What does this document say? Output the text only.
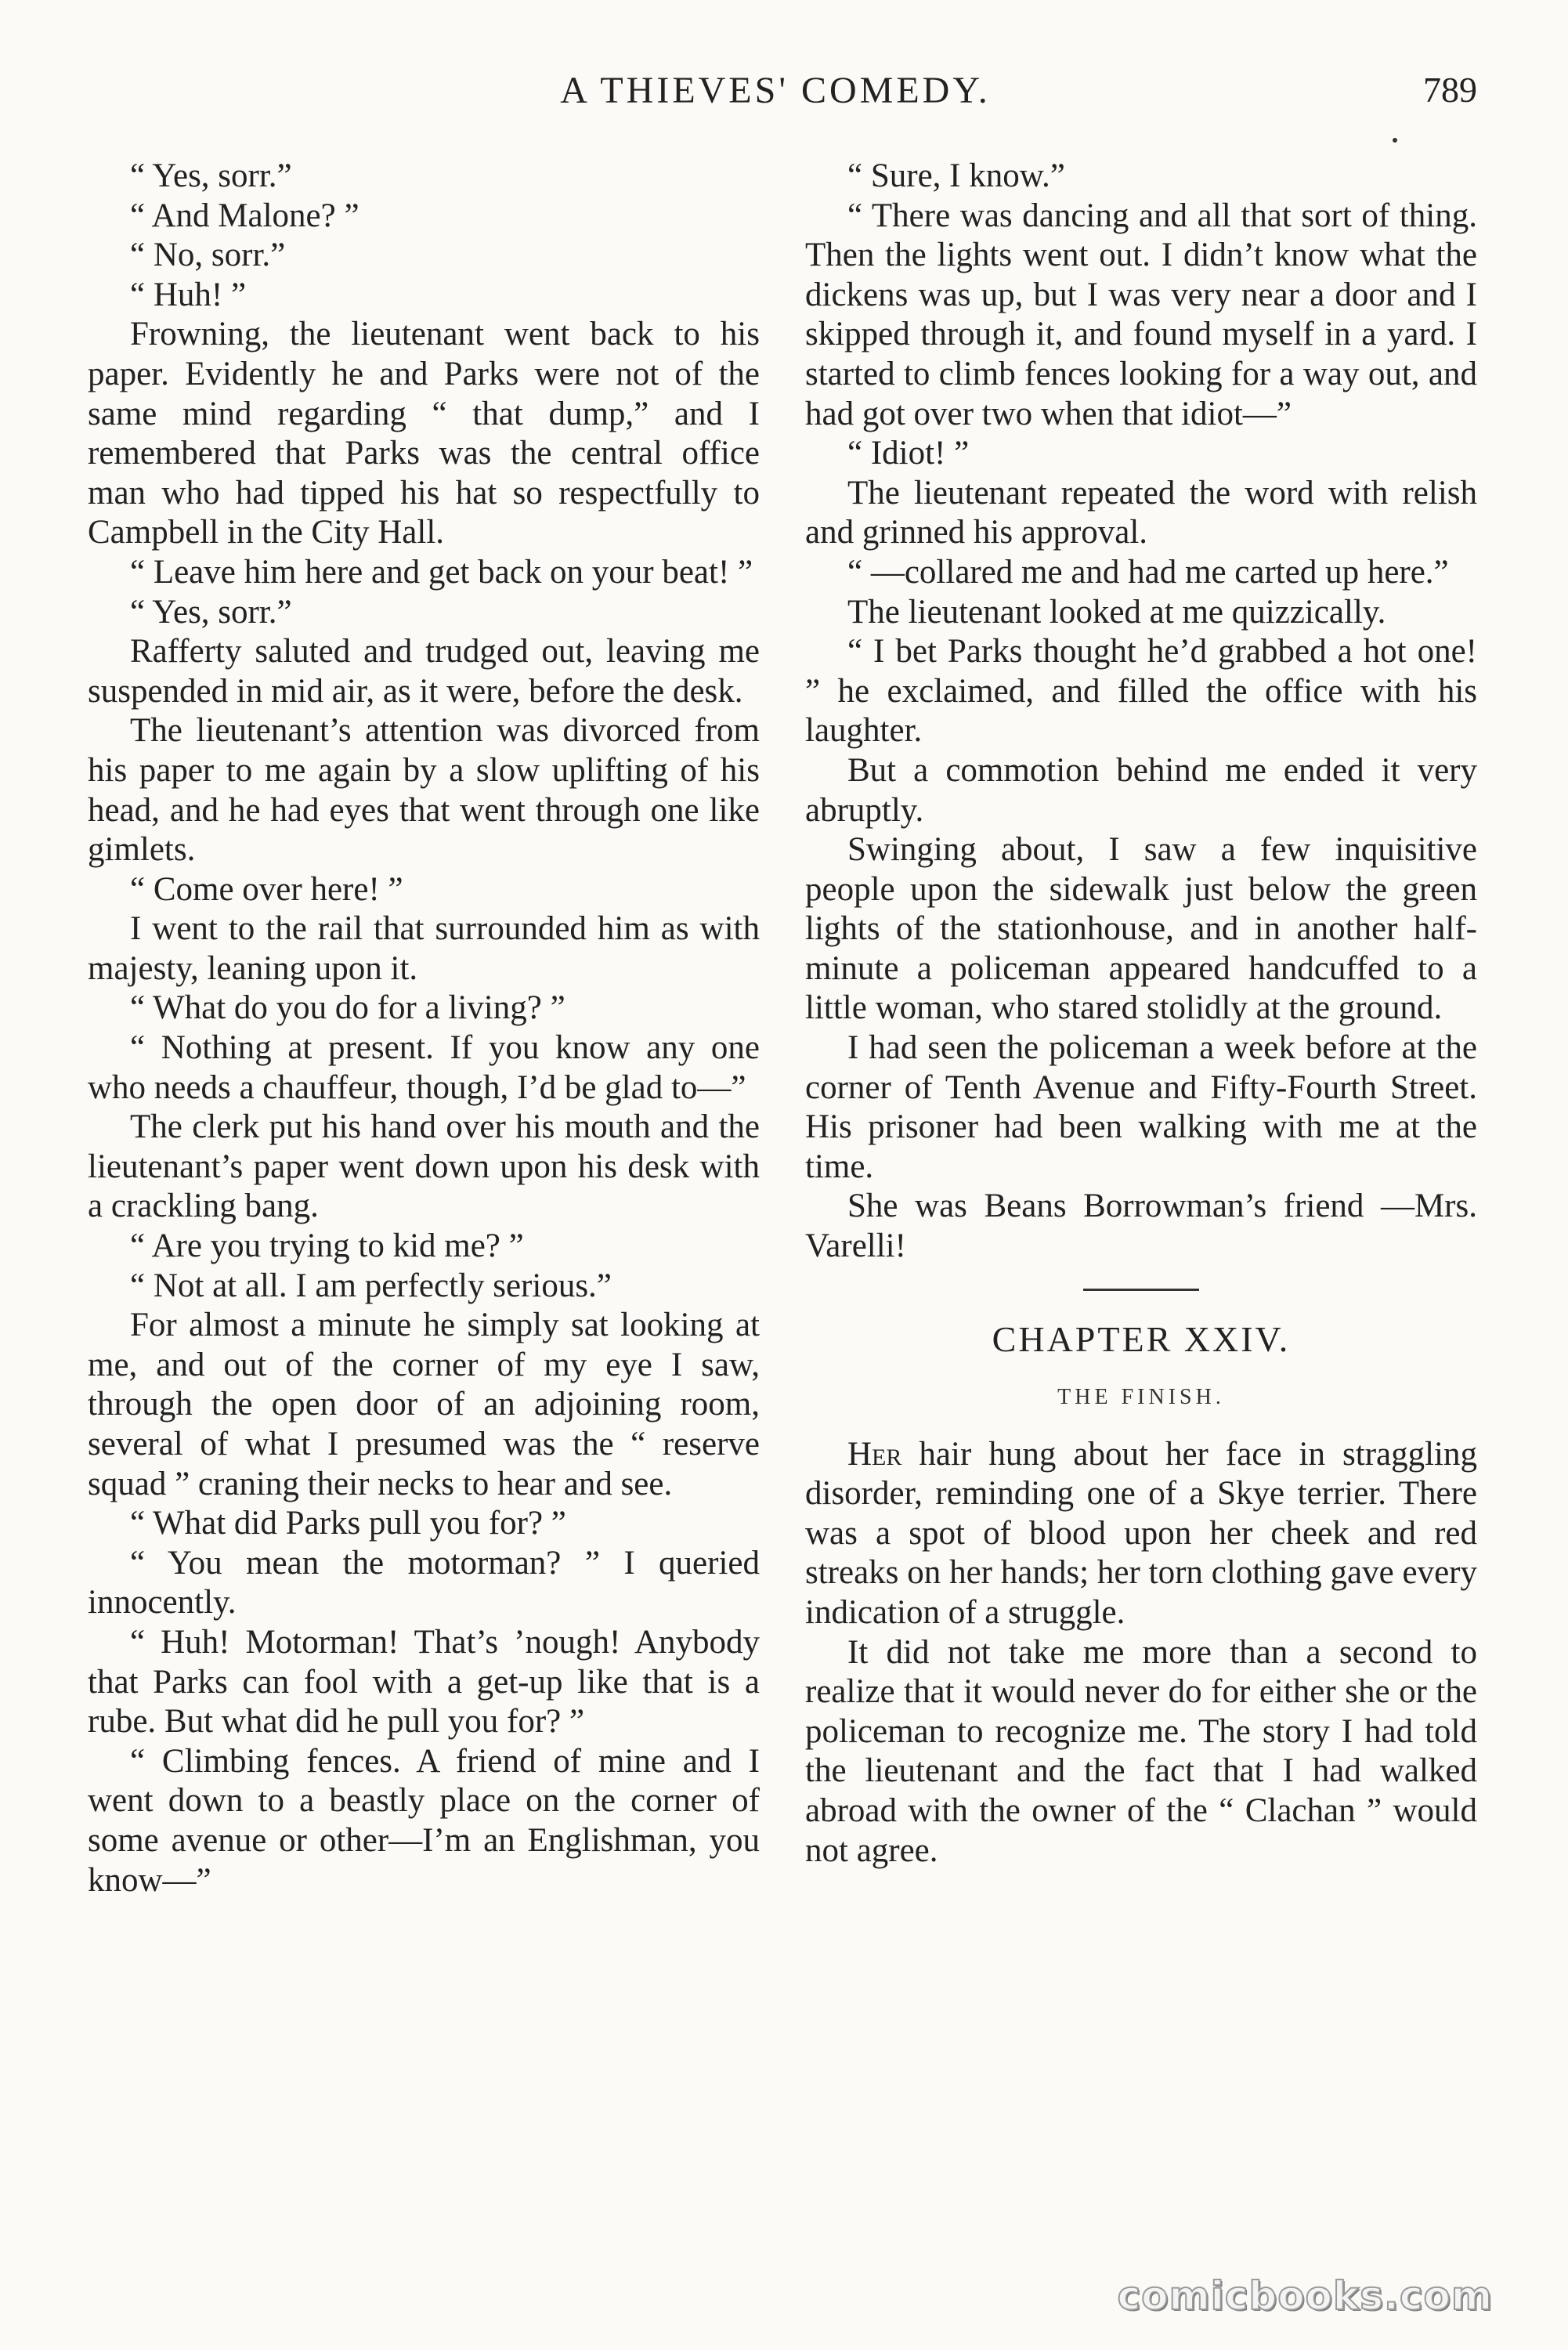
A THIEVES' COMEDY.	789

“ Yes, sorr.”

“ And Malone? ”

“ No, sorr.”

“ Huh! ”

Frowning, the lieutenant went back to his paper. Evidently he and Parks were not of the same mind regarding “ that dump,” and I remembered that Parks was the central office man who had tipped his hat so respectfully to Campbell in the City Hall.

“ Leave him here and get back on your beat! ”

“ Yes, sorr.”

Rafferty saluted and trudged out, leaving me suspended in mid air, as it were, before the desk.

The lieutenant’s attention was divorced from his paper to me again by a slow uplifting of his head, and he had eyes that went through one like gimlets.

“ Come over here! ”

I went to the rail that surrounded him as with majesty, leaning upon it.

“ What do you do for a living? ”

“ Nothing at present. If you know any one who needs a chauffeur, though, I’d be glad to—”

The clerk put his hand over his mouth and the lieutenant’s paper went down upon his desk with a crackling bang.

“ Are you trying to kid me? ”

“ Not at all. I am perfectly serious.”

For almost a minute he simply sat looking at me, and out of the corner of my eye I saw, through the open door of an adjoining room, several of what I presumed was the “ reserve squad ” craning their necks to hear and see.

“ What did Parks pull you for? ”

“ You mean the motorman? ” I queried innocently.

“ Huh! Motorman! That’s ’nough! Anybody that Parks can fool with a get-up like that is a rube. But what did he pull you for? ”

“ Climbing fences. A friend of mine and I went down to a beastly place on the corner of some avenue or other—I’m an Englishman, you know—”

“ Sure, I know.”

“ There was dancing and all that sort of thing. Then the lights went out. I didn’t know what the dickens was up, but I was very near a door and I skipped through it, and found myself in a yard. I started to climb fences looking for a way out, and had got over two when that idiot—”

“ Idiot! ”

The lieutenant repeated the word with relish and grinned his approval.

“ —collared me and had me carted up here.”

The lieutenant looked at me quizzically.

“ I bet Parks thought he’d grabbed a hot one! ” he exclaimed, and filled the office with his laughter.

But a commotion behind me ended it very abruptly.

Swinging about, I saw a few inquisitive people upon the sidewalk just below the green lights of the stationhouse, and in another half-minute a policeman appeared handcuffed to a little woman, who stared stolidly at the ground.

I had seen the policeman a week before at the corner of Tenth Avenue and Fifty-Fourth Street. His prisoner had been walking with me at the time.

She was Beans Borrowman’s friend —Mrs. Varelli!

CHAPTER XXIV.
THE FINISH.

Her hair hung about her face in straggling disorder, reminding one of a Skye terrier. There was a spot of blood upon her cheek and red streaks on her hands; her torn clothing gave every indication of a struggle.

It did not take me more than a second to realize that it would never do for either she or the policeman to recognize me. The story I had told the lieutenant and the fact that I had walked abroad with the owner of the “ Clachan ” would not agree.

comicbooks.com
